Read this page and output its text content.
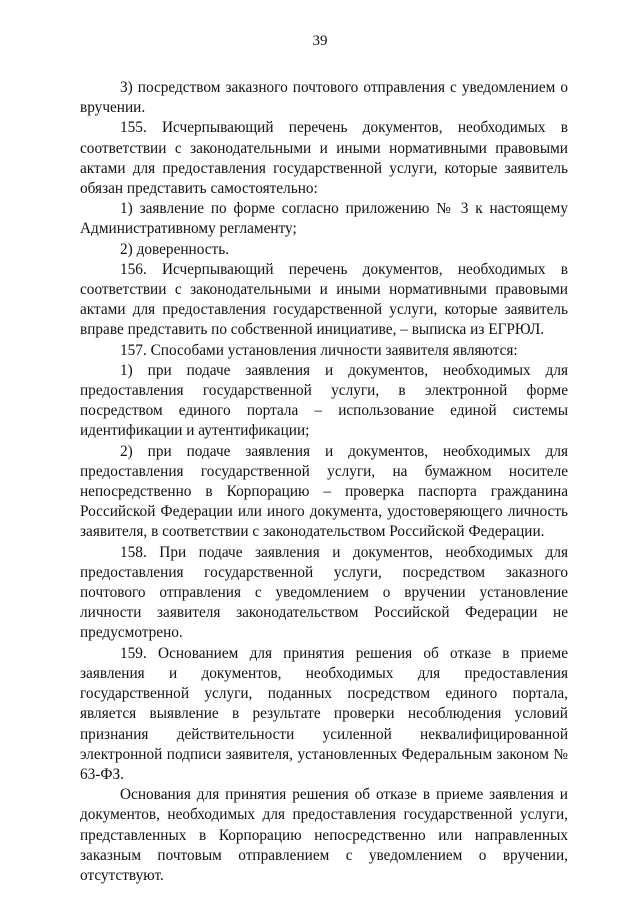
39

3) посредством заказного почтового отправления с уведомлением о вручении.

155. Исчерпывающий перечень документов, необходимых в соответствии с законодательными и иными нормативными правовыми актами для предоставления государственной услуги, которые заявитель обязан представить самостоятельно:

1) заявление по форме согласно приложению № 3 к настоящему Административному регламенту;

2) доверенность.

156. Исчерпывающий перечень документов, необходимых в соответствии с законодательными и иными нормативными правовыми актами для предоставления государственной услуги, которые заявитель вправе представить по собственной инициативе, – выписка из ЕГРЮЛ.

157. Способами установления личности заявителя являются:

1) при подаче заявления и документов, необходимых для предоставления государственной услуги, в электронной форме посредством единого портала – использование единой системы идентификации и аутентификации;

2) при подаче заявления и документов, необходимых для предоставления государственной услуги, на бумажном носителе непосредственно в Корпорацию – проверка паспорта гражданина Российской Федерации или иного документа, удостоверяющего личность заявителя, в соответствии с законодательством Российской Федерации.

158. При подаче заявления и документов, необходимых для предоставления государственной услуги, посредством заказного почтового отправления с уведомлением о вручении установление личности заявителя законодательством Российской Федерации не предусмотрено.

159. Основанием для принятия решения об отказе в приеме заявления и документов, необходимых для предоставления государственной услуги, поданных посредством единого портала, является выявление в результате проверки несоблюдения условий признания действительности усиленной неквалифицированной электронной подписи заявителя, установленных Федеральным законом № 63-ФЗ.

Основания для принятия решения об отказе в приеме заявления и документов, необходимых для предоставления государственной услуги, представленных в Корпорацию непосредственно или направленных заказным почтовым отправлением с уведомлением о вручении, отсутствуют.
